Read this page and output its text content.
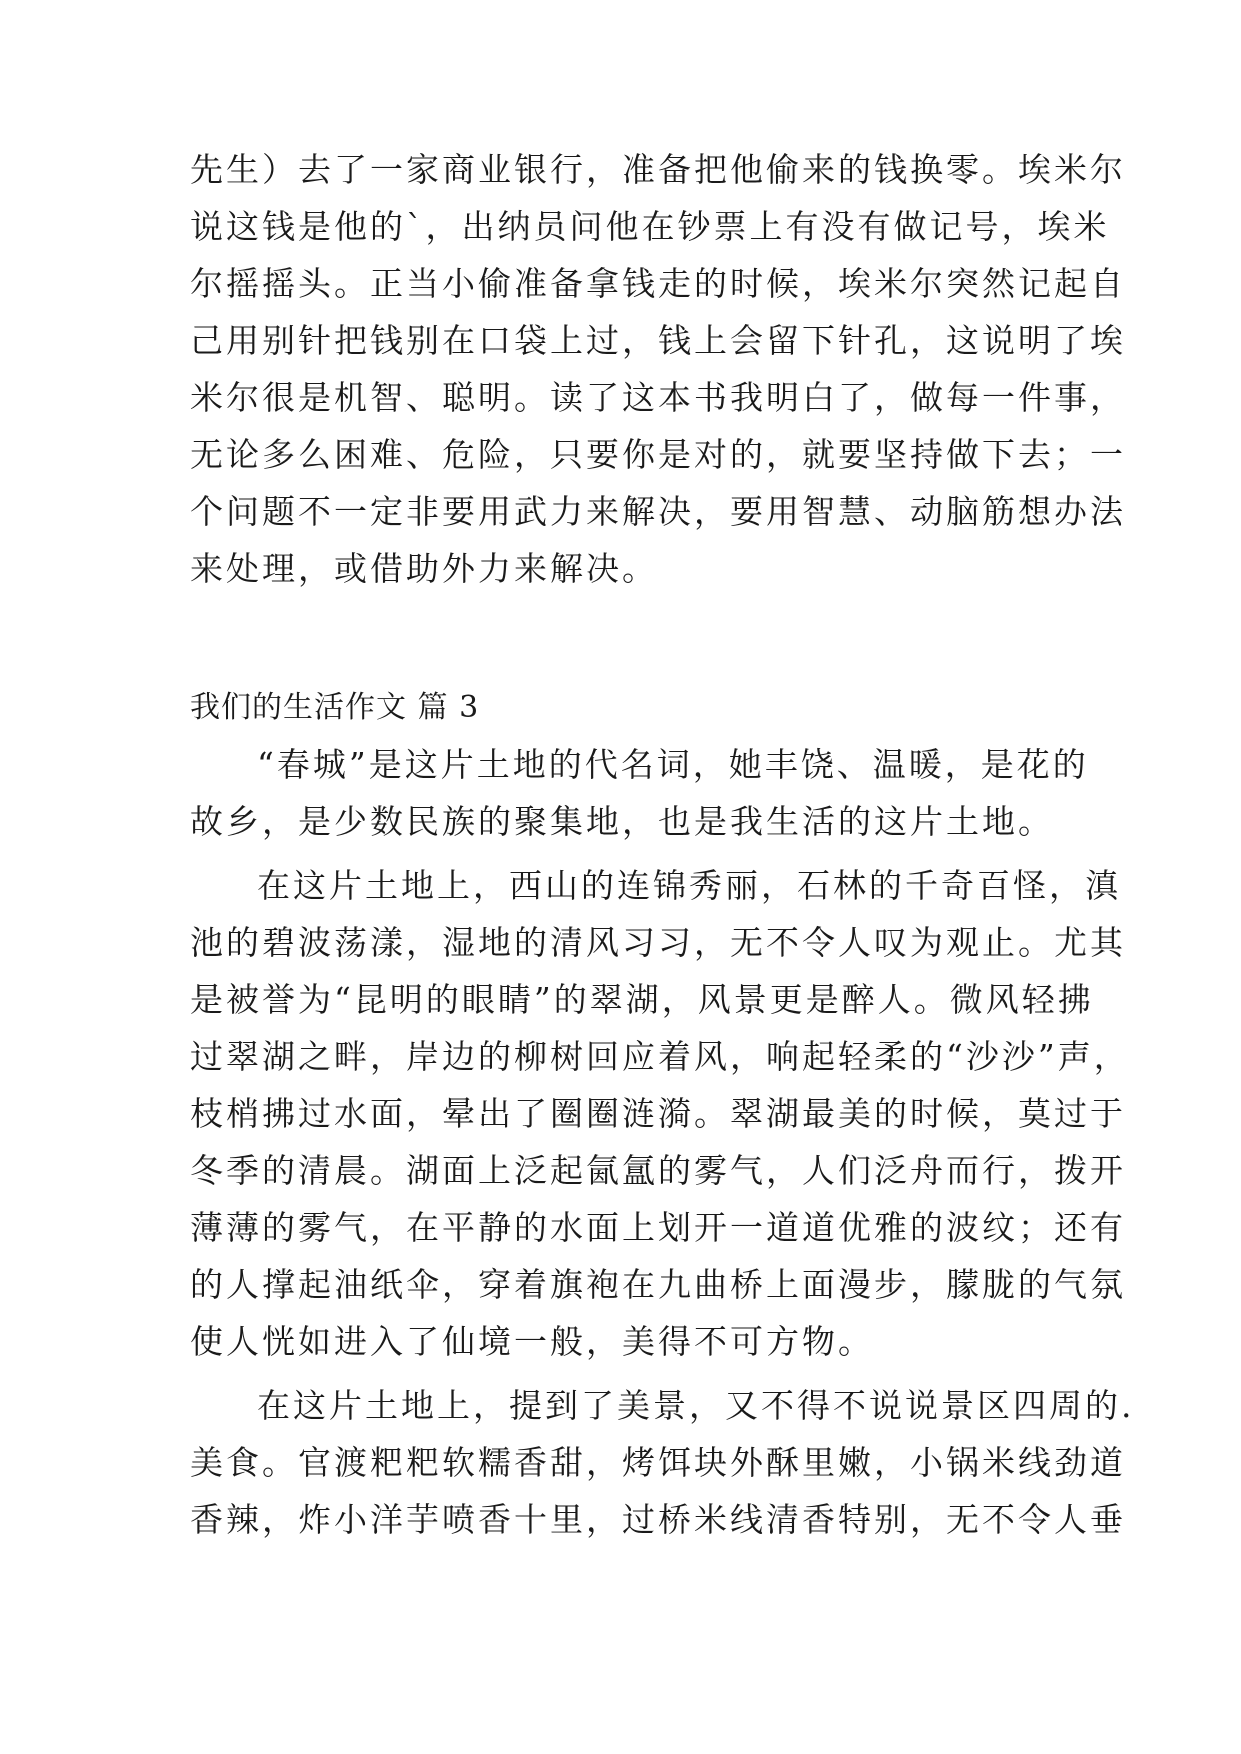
先生）去了一家商业银行，准备把他偷来的钱换零。埃米尔
说这钱是他的`，出纳员问他在钞票上有没有做记号，埃米
尔摇摇头。正当小偷准备拿钱走的时候，埃米尔突然记起自
己用别针把钱别在口袋上过，钱上会留下针孔，这说明了埃
米尔很是机智、聪明。读了这本书我明白了，做每一件事，
无论多么困难、危险，只要你是对的，就要坚持做下去；一
个问题不一定非要用武力来解决，要用智慧、动脑筋想办法
来处理，或借助外力来解决。
我们的生活作文 篇 3
“春城”是这片土地的代名词，她丰饶、温暖，是花的
故乡，是少数民族的聚集地，也是我生活的这片土地。
在这片土地上，西山的连锦秀丽，石林的千奇百怪，滇
池的碧波荡漾，湿地的清风习习，无不令人叹为观止。尤其
是被誉为“昆明的眼睛”的翠湖，风景更是醉人。微风轻拂
过翠湖之畔，岸边的柳树回应着风，响起轻柔的“沙沙”声，
枝梢拂过水面，晕出了圈圈涟漪。翠湖最美的时候，莫过于
冬季的清晨。湖面上泛起氤氲的雾气，人们泛舟而行，拨开
薄薄的雾气，在平静的水面上划开一道道优雅的波纹；还有
的人撑起油纸伞，穿着旗袍在九曲桥上面漫步，朦胧的气氛
使人恍如进入了仙境一般，美得不可方物。
在这片土地上，提到了美景，又不得不说说景区四周的.
美食。官渡粑粑软糯香甜，烤饵块外酥里嫩，小锅米线劲道
香辣，炸小洋芋喷香十里，过桥米线清香特别，无不令人垂
